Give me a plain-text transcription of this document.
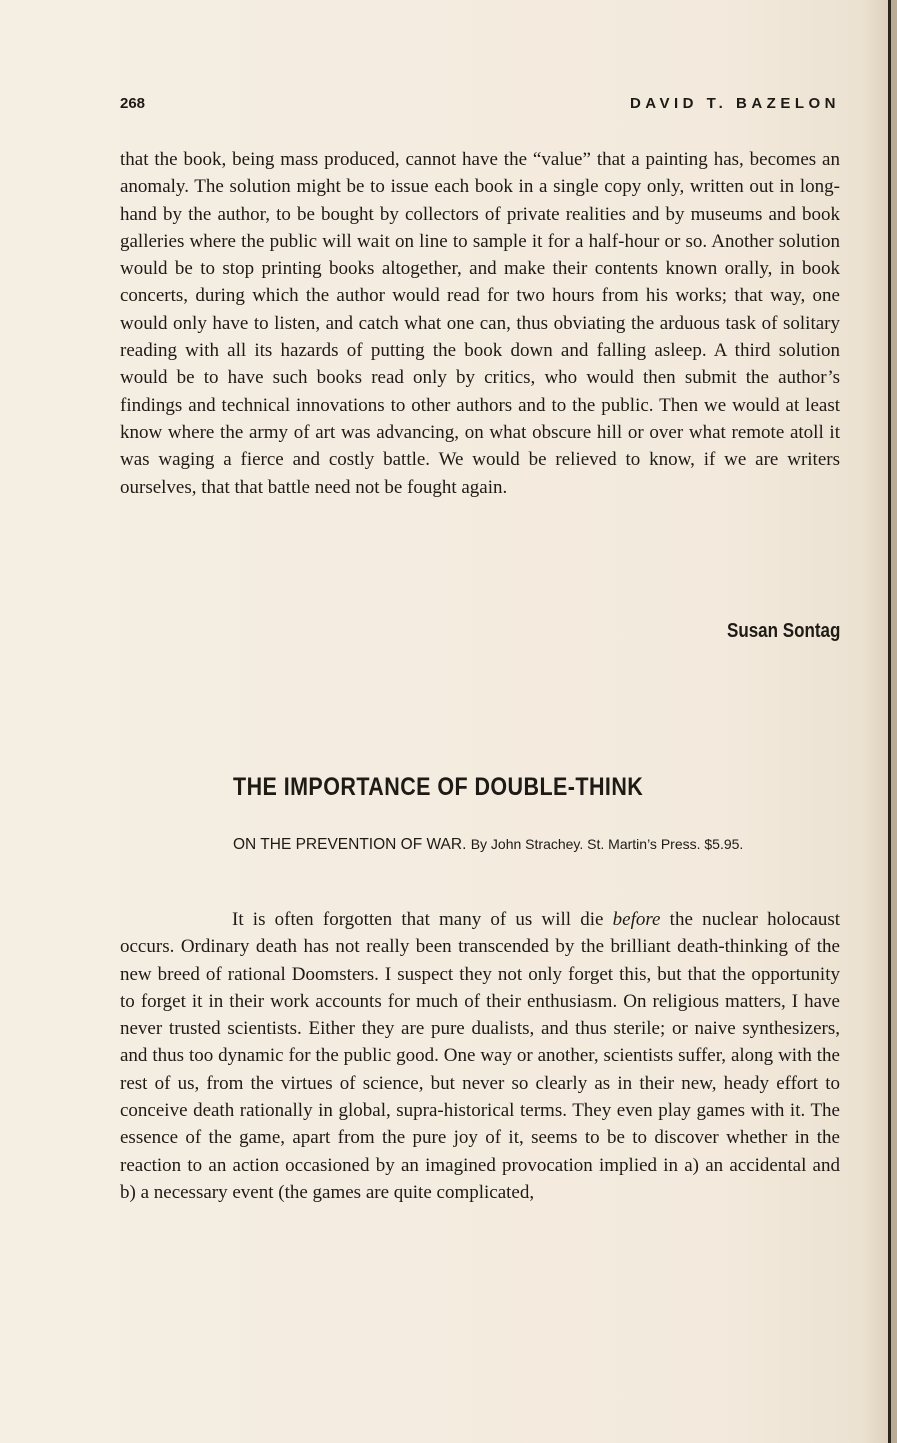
268	DAVID T. BAZELON

that the book, being mass produced, cannot have the “value” that a painting has, becomes an anomaly. The solution might be to issue each book in a single copy only, written out in long-hand by the author, to be bought by collectors of private realities and by museums and book galleries where the public will wait on line to sample it for a half-hour or so. Another solution would be to stop printing books altogether, and make their contents known orally, in book concerts, during which the author would read for two hours from his works; that way, one would only have to listen, and catch what one can, thus obviating the arduous task of solitary reading with all its hazards of putting the book down and falling asleep. A third solution would be to have such books read only by critics, who would then submit the author’s findings and technical innovations to other authors and to the public. Then we would at least know where the army of art was advancing, on what obscure hill or over what remote atoll it was waging a fierce and costly battle. We would be relieved to know, if we are writers ourselves, that that battle need not be fought again.

Susan Sontag
THE IMPORTANCE OF DOUBLE-THINK

ON THE PREVENTION OF WAR. By John Strachey. St. Martin’s Press. $5.95.

It is often forgotten that many of us will die before the nuclear holocaust occurs. Ordinary death has not really been transcended by the brilliant death-thinking of the new breed of rational Doomsters. I suspect they not only forget this, but that the opportunity to forget it in their work accounts for much of their enthusiasm. On religious matters, I have never trusted scientists. Either they are pure dualists, and thus sterile; or naive synthesizers, and thus too dynamic for the public good. One way or another, scientists suffer, along with the rest of us, from the virtues of science, but never so clearly as in their new, heady effort to conceive death rationally in global, supra-historical terms. They even play games with it. The essence of the game, apart from the pure joy of it, seems to be to discover whether in the reaction to an action occasioned by an imagined provocation implied in a) an accidental and b) a necessary event (the games are quite complicated,
